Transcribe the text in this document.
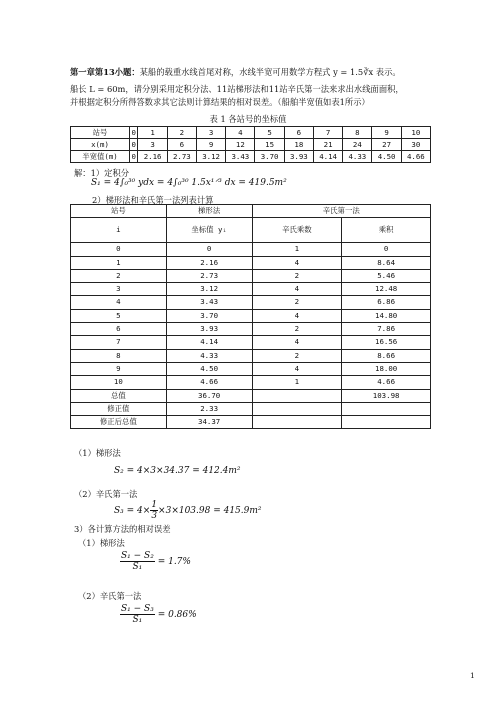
第一章第13小题：某船的载重水线首尾对称，水线半宽可用数学方程式 y = 1.5∛x 表示。
船长 L = 60m，请分别采用定积分法、11站梯形法和11站辛氏第一法来求出水线面面积，
并根据定积分所得答数求其它法则计算结果的相对误差。（船舶半宽值如表1所示）
表 1 各站号的坐标值
站号	0	1	2	3	4	5	6	7	8	9	10
x(m)	0	3	6	9	12	15	18	21	24	27	30
半宽值(m)	0	2.16	2.73	3.12	3.43	3.70	3.93	4.14	4.33	4.50	4.66
解：1）定积分
S₁ = 4∫₀³⁰ ydx = 4∫₀³⁰ 1.5x¹ᐟ³ dx = 419.5m²
2）梯形法和辛氏第一法列表计算
站号	梯形法	辛氏第一法	
i	坐标值 yᵢ	辛氏乘数	乘积
0	0	1	0
1	2.16	4	8.64
2	2.73	2	5.46
3	3.12	4	12.48
4	3.43	2	6.86
5	3.70	4	14.80
6	3.93	2	7.86
7	4.14	4	16.56
8	4.33	2	8.66
9	4.50	4	18.00
10	4.66	1	4.66
总值	36.70		103.98
修正值	2.33		
修正后总值	34.37		
（1）梯形法
S₂ = 4×3×34.37 = 412.4m²
（2）辛氏第一法
$S_3 = 4\times \frac{1}{3} \times 3\times 103.98 = 415.9m^2$
3）各计算方法的相对误差
（1）梯形法
$\frac{\text{S₁ − S₂}}{\text{S₁}} = 1.7\%$
（2）辛氏第一法
$\frac{\text{S₁ − S₃}}{\text{S₁}} = 0.86\%$
1
